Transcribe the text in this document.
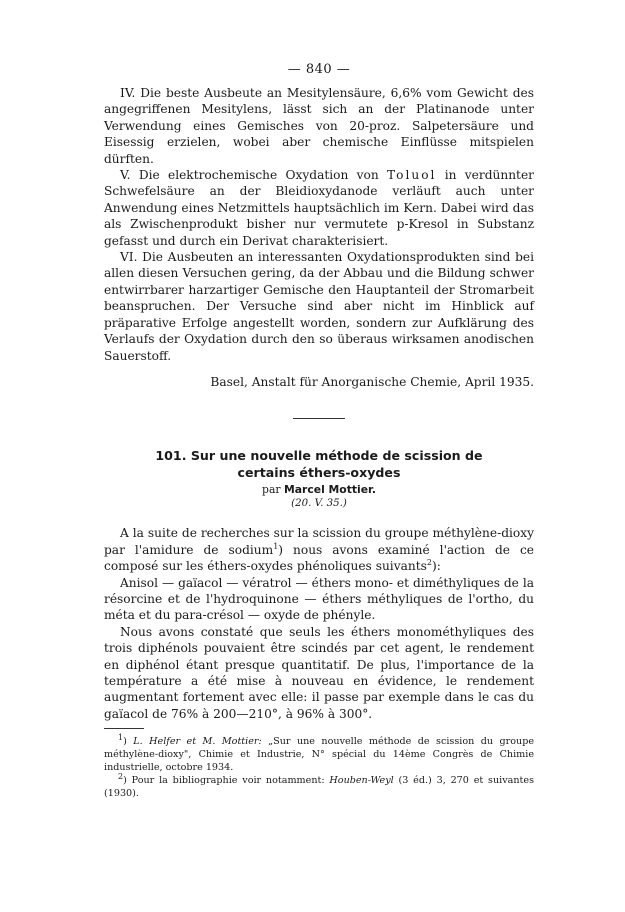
— 840 —

IV. Die beste Ausbeute an Mesitylensäure, 6,6% vom Gewicht des angegriffenen Mesitylens, lässt sich an der Platinanode unter Verwendung eines Gemisches von 20-proz. Salpetersäure und Eisessig erzielen, wobei aber chemische Einflüsse mitspielen dürften.

V. Die elektrochemische Oxydation von Toluol in verdünnter Schwefelsäure an der Bleidioxydanode verläuft auch unter Anwendung eines Netzmittels hauptsächlich im Kern. Dabei wird das als Zwischenprodukt bisher nur vermutete p-Kresol in Substanz gefasst und durch ein Derivat charakterisiert.

VI. Die Ausbeuten an interessanten Oxydationsprodukten sind bei allen diesen Versuchen gering, da der Abbau und die Bildung schwer entwirrbarer harzartiger Gemische den Hauptanteil der Stromarbeit beanspruchen. Der Versuche sind aber nicht im Hinblick auf präparative Erfolge angestellt worden, sondern zur Aufklärung des Verlaufs der Oxydation durch den so überaus wirksamen anodischen Sauerstoff.

Basel, Anstalt für Anorganische Chemie, April 1935.

101. Sur une nouvelle méthode de scission de

certains éthers-oxydes

par Marcel Mottier.

(20. V. 35.)

A la suite de recherches sur la scission du groupe méthylène-dioxy par l'amidure de sodium$^1$) nous avons examiné l'action de ce composé sur les éthers-oxydes phénoliques suivants$^2$):

Anisol — gaïacol — vératrol — éthers mono- et diméthyliques de la résorcine et de l'hydroquinone — éthers méthyliques de l'ortho, du méta et du para-crésol — oxyde de phényle.

Nous avons constaté que seuls les éthers monométhyliques des trois diphénols pouvaient être scindés par cet agent, le rendement en diphénol étant presque quantitatif. De plus, l'importance de la température a été mise à nouveau en évidence, le rendement augmentant fortement avec elle: il passe par exemple dans le cas du gaïacol de 76% à 200—210°, à 96% à 300°.

$^1$) L. Helfer et M. Mottier: „Sur une nouvelle méthode de scission du groupe méthylène-dioxy", Chimie et Industrie, N° spécial du 14ème Congrès de Chimie industrielle, octobre 1934.

$^2$) Pour la bibliographie voir notamment: Houben-Weyl (3 éd.) 3, 270 et suivantes (1930).
